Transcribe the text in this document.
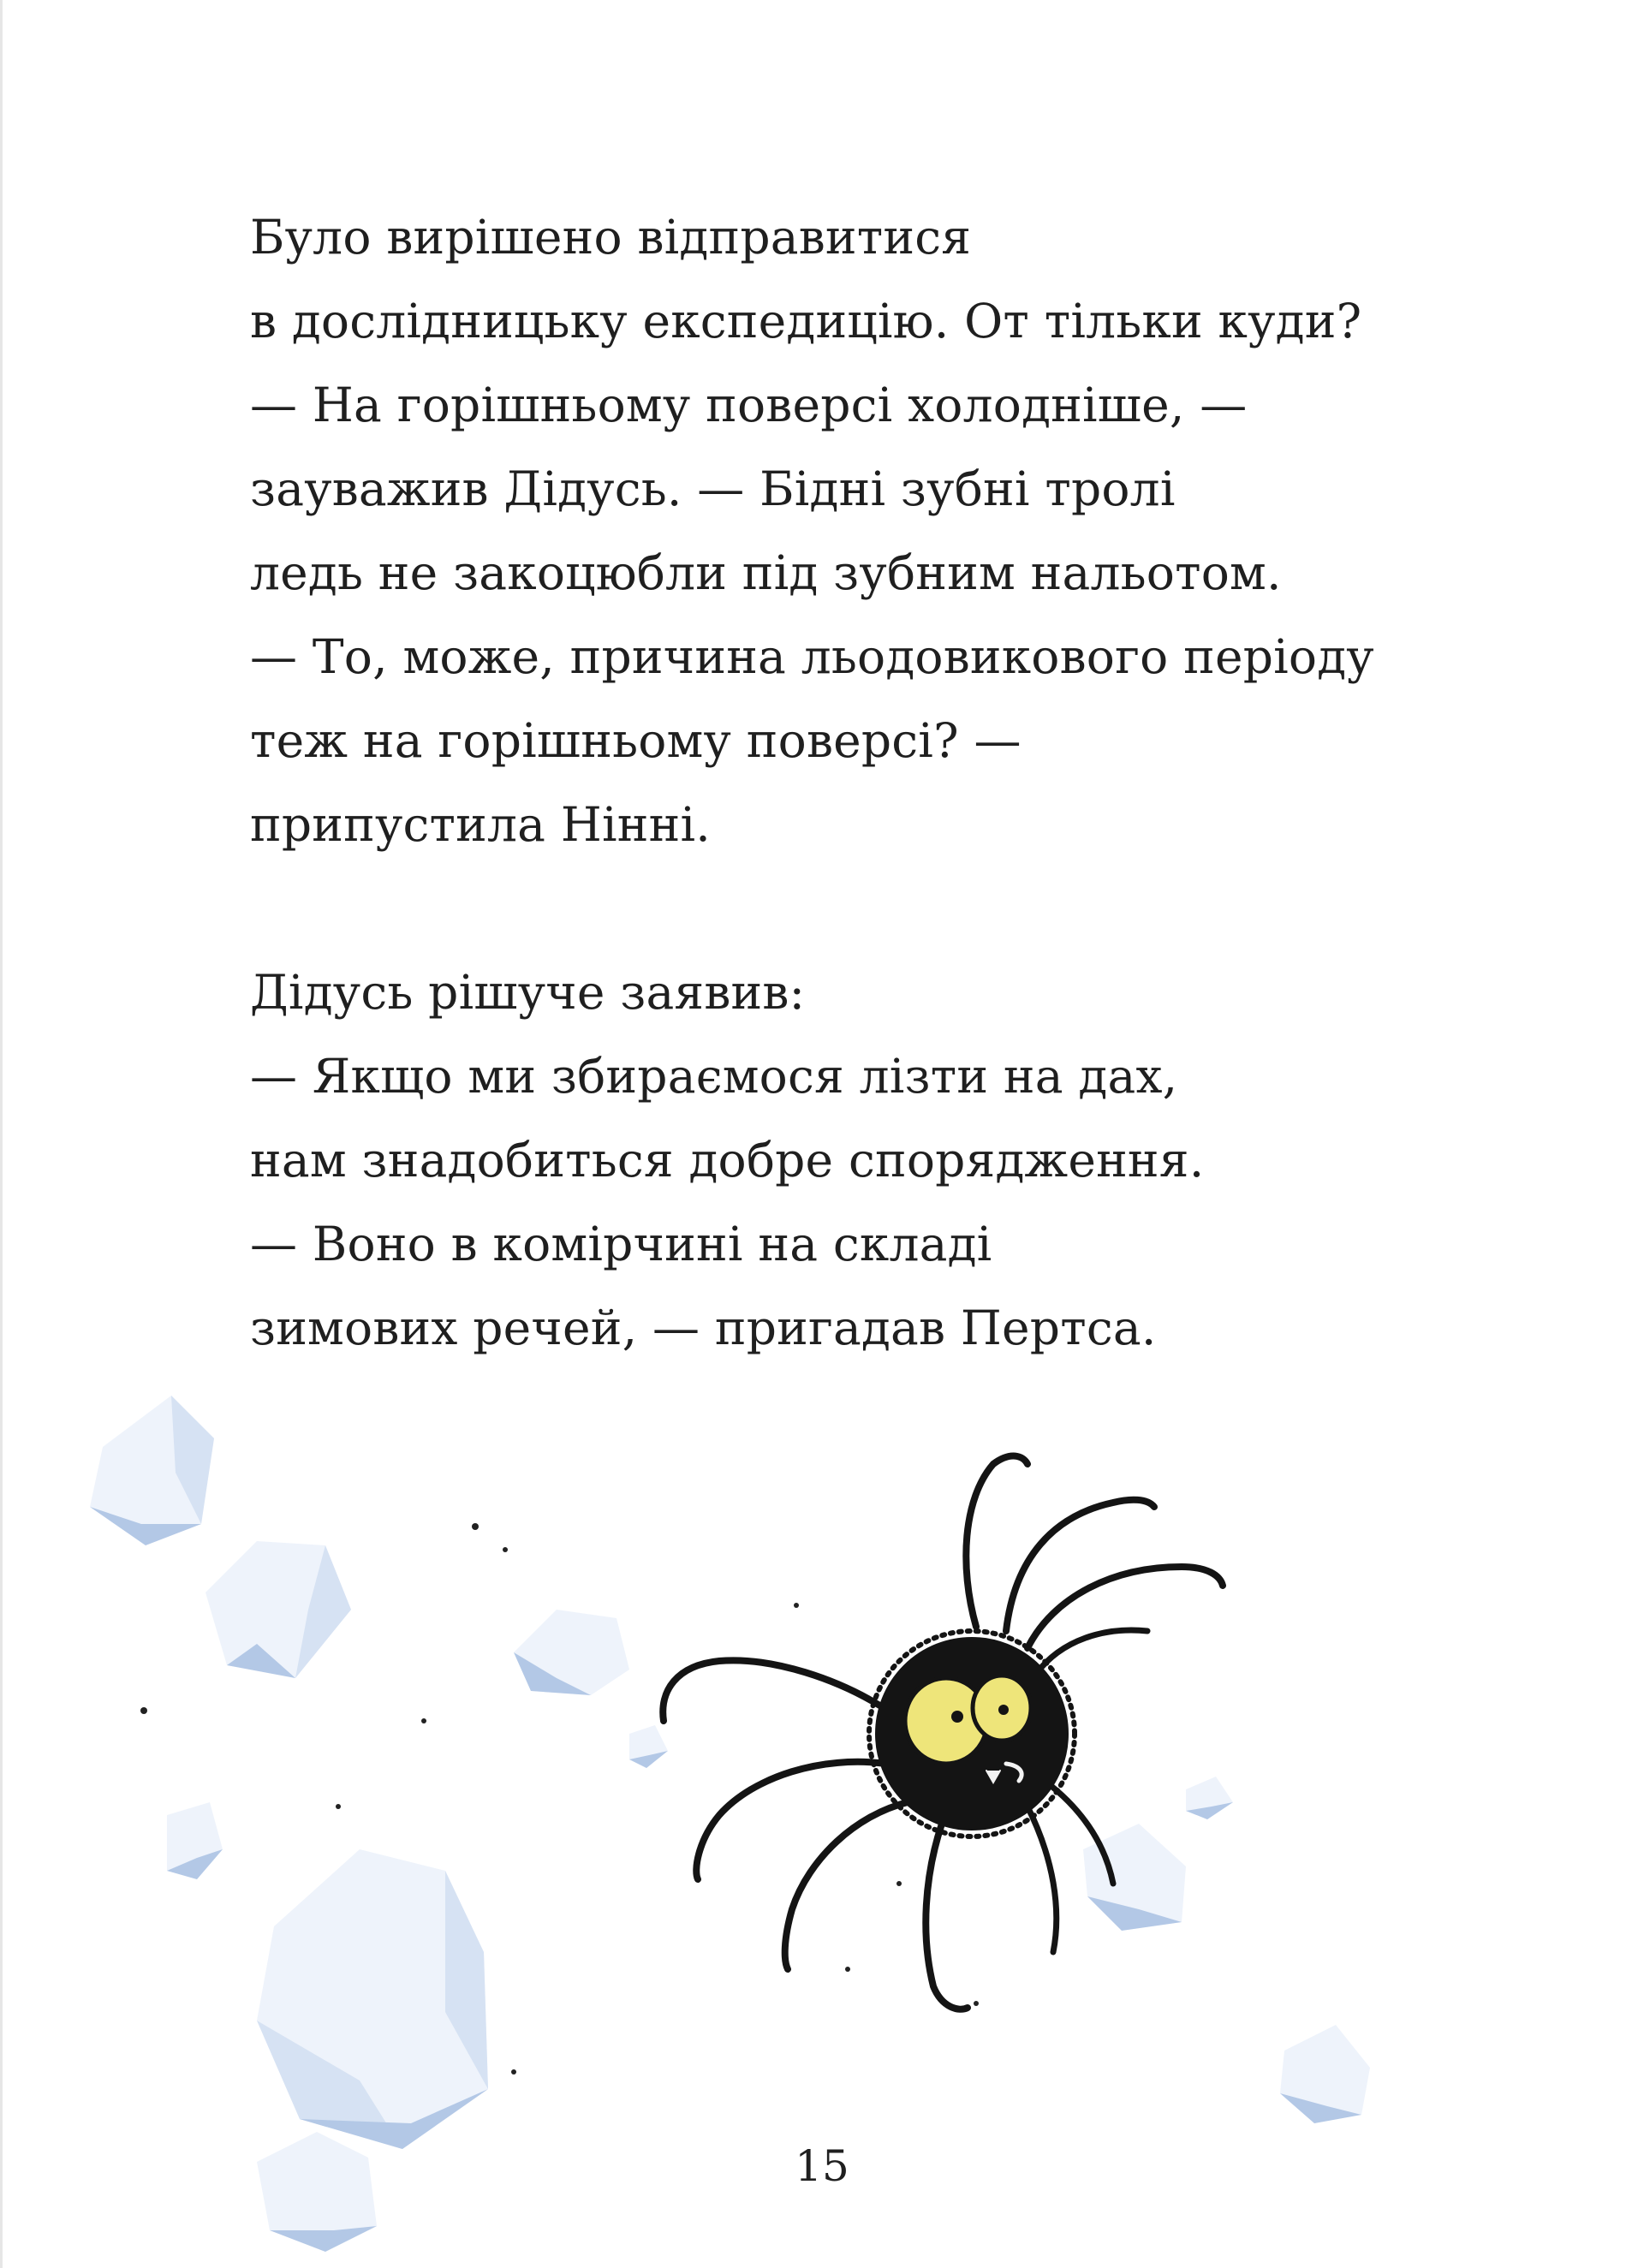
Було вирішено відправитися
в дослідницьку експедицію. От тільки куди?
— На горішньому поверсі холодніше, —
зауважив Дідусь. — Бідні зубні тролі
ледь не закоцюбли під зубним нальотом.
— То, може, причина льодовикового періоду
теж на горішньому поверсі? —
припустила Нінні.

Дідусь рішуче заявив:
— Якщо ми збираємося лізти на дах,
нам знадобиться добре спорядження.
— Воно в комірчині на складі
зимових речей, — пригадав Пертса.

15
